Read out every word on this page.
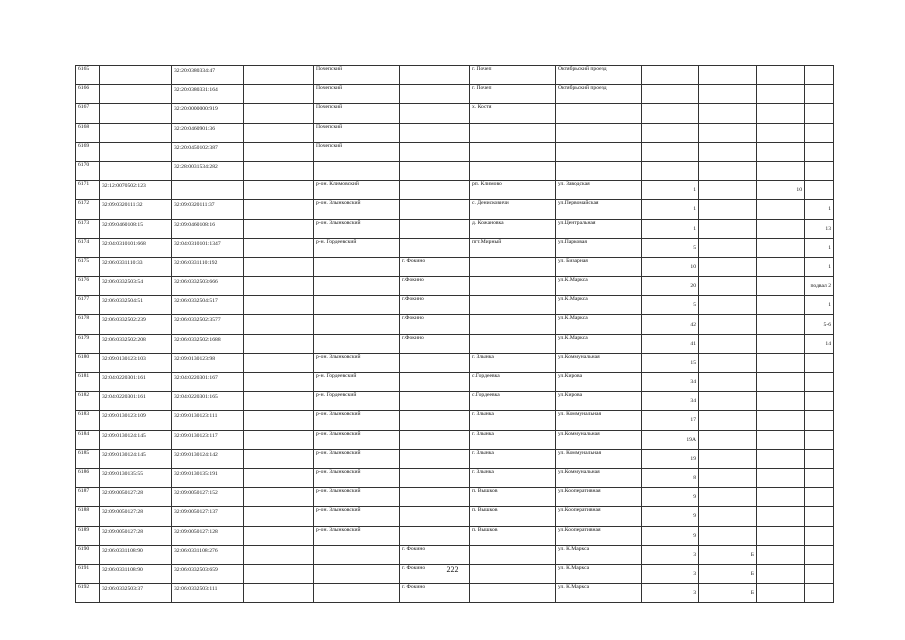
6165		32:20:0380334:47		Почепский		г. Почеп	Октябрьский проезд				
6166		32:20:0380331:164		Почепский		г. Почеп	Октябрьский проезд				
6167		32:20:0000000:919		Почепский		х. Костя					
6168		32:20:0460901:36		Почепский							
6169		32:20:0450102:387		Почепский							
6170		32:28:0031534:282									
6171	32:12:0070502:123			р-он. Климовский		рп. Климово	ул. Заводская	1		10	
6172	32:09:0320111:32	32:09:0320111:37		р-он. Злынковский		с. Денисковичи	ул.Первомайская	1			1
6173	32:09:0460108:15	32:09:0460108:16		р-он. Злынковский		д. Кожановка	ул.Центральная	1			13
6174	32:04:0310101:668	32:04:0310101:1347		р-н. Гордеевский		пгт.Мирный	ул.Парковая	5			1
6175	32:06:0331110:33	32:06:0331110:192			г. Фокино		ул. Бизарная	10			1
6176	32:06:0332503:54	32:06:0332503:666			г.Фокино		ул.К.Маркса	20			подвал 2
6177	32:06:0332504:51	32:06:0332504:517			г.Фокино		ул.К.Маркса	5			1
6178	32:06:0332502:239	32:06:0332502:3577			г.Фокино		ул.К.Маркса	42			5-6
6179	32:06:0332502:208	32:06:0332502:1688			г.Фокино		ул.К.Маркса	41			14
6180	32:09:0130123:103	32:09:0130123:98		р-он. Злынковский		г. Злынка	ул.Коммунальная	15			
6181	32:04:0220301:161	32:04:0220301:167		р-н. Гордеевский		с.Гордеевка	ул.Кирова	34			
6182	32:04:0220301:161	32:04:0220301:165		р-н. Гордеевский		с.Гордеевка	ул.Кирова	34			
6183	32:09:0130123:109	32:09:0130123:111		р-он. Злынковский		г. Злынка	ул. Коммунальная	17			
6184	32:09:0130124:145	32:09:0130123:117		р-он. Злынковский		г. Злынка	ул.Коммунальная	19А			
6185	32:09:0130124:145	32:09:0130124:142		р-он. Злынковский		г. Злынка	ул. Коммунальная	19			
6186	32:09:0130135:55	32:09:0130135:191		р-он. Злынковский		г. Злынка	ул.Коммунальная	8			
6187	32:09:0050127:28	32:09:0050127:152		р-он. Злынковский		п. Вышков	ул.Кооперативная	9			
6188	32:09:0050127:28	32:09:0050127:137		р-он. Злынковский		п. Вышков	ул.Кооперативная	9			
6189	32:09:0050127:28	32:09:0050127:128		р-он. Злынковский		п. Вышков	ул.Кооперативная	9			
6190	32:06:0331108:90	32:06:0331108:276			г. Фокино		ул. К.Маркса	3	Б		
6191	32:06:0331108:90	32:06:0332503:659			г. Фокино		ул. К.Маркса	3	Б		
6192	32:06:0332503:37	32:06:0332503:111			г. Фокино		ул. К.Маркса	3	Б		
222
